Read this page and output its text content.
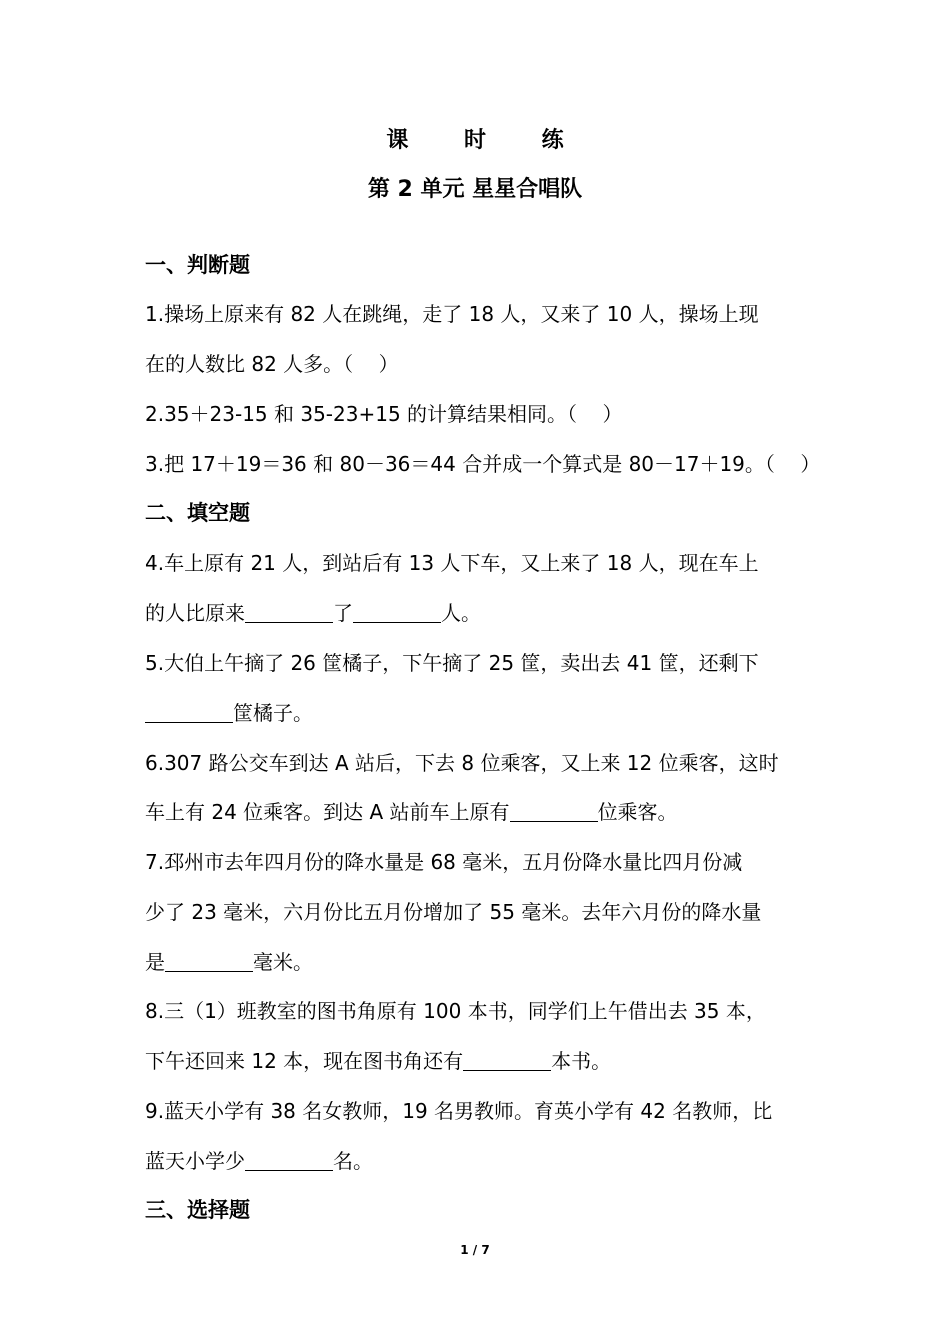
课 时 练

第 2 单元 星星合唱队

一、判断题

1.操场上原来有 82 人在跳绳，走了 18 人，又来了 10 人，操场上现

在的人数比 82 人多。（    ）

2.35＋23-15 和 35-23+15 的计算结果相同。（    ）

3.把 17＋19＝36 和 80－36＝44 合并成一个算式是 80－17＋19。（    ）

二、填空题

4.车上原有 21 人，到站后有 13 人下车，又上来了 18 人，现在车上

的人比原来	了	人。

5.大伯上午摘了 26 筐橘子，下午摘了 25 筐，卖出去 41 筐，还剩下

筐橘子。

6.307 路公交车到达 A 站后，下去 8 位乘客，又上来 12 位乘客，这时

车上有 24 位乘客。到达 A 站前车上原有	位乘客。

7.邳州市去年四月份的降水量是 68 毫米，五月份降水量比四月份减

少了 23 毫米，六月份比五月份增加了 55 毫米。去年六月份的降水量

是	毫米。

8.三（1）班教室的图书角原有 100 本书，同学们上午借出去 35 本，

下午还回来 12 本，现在图书角还有	本书。

9.蓝天小学有 38 名女教师，19 名男教师。育英小学有 42 名教师，比

蓝天小学少	名。

三、选择题

1 / 7
